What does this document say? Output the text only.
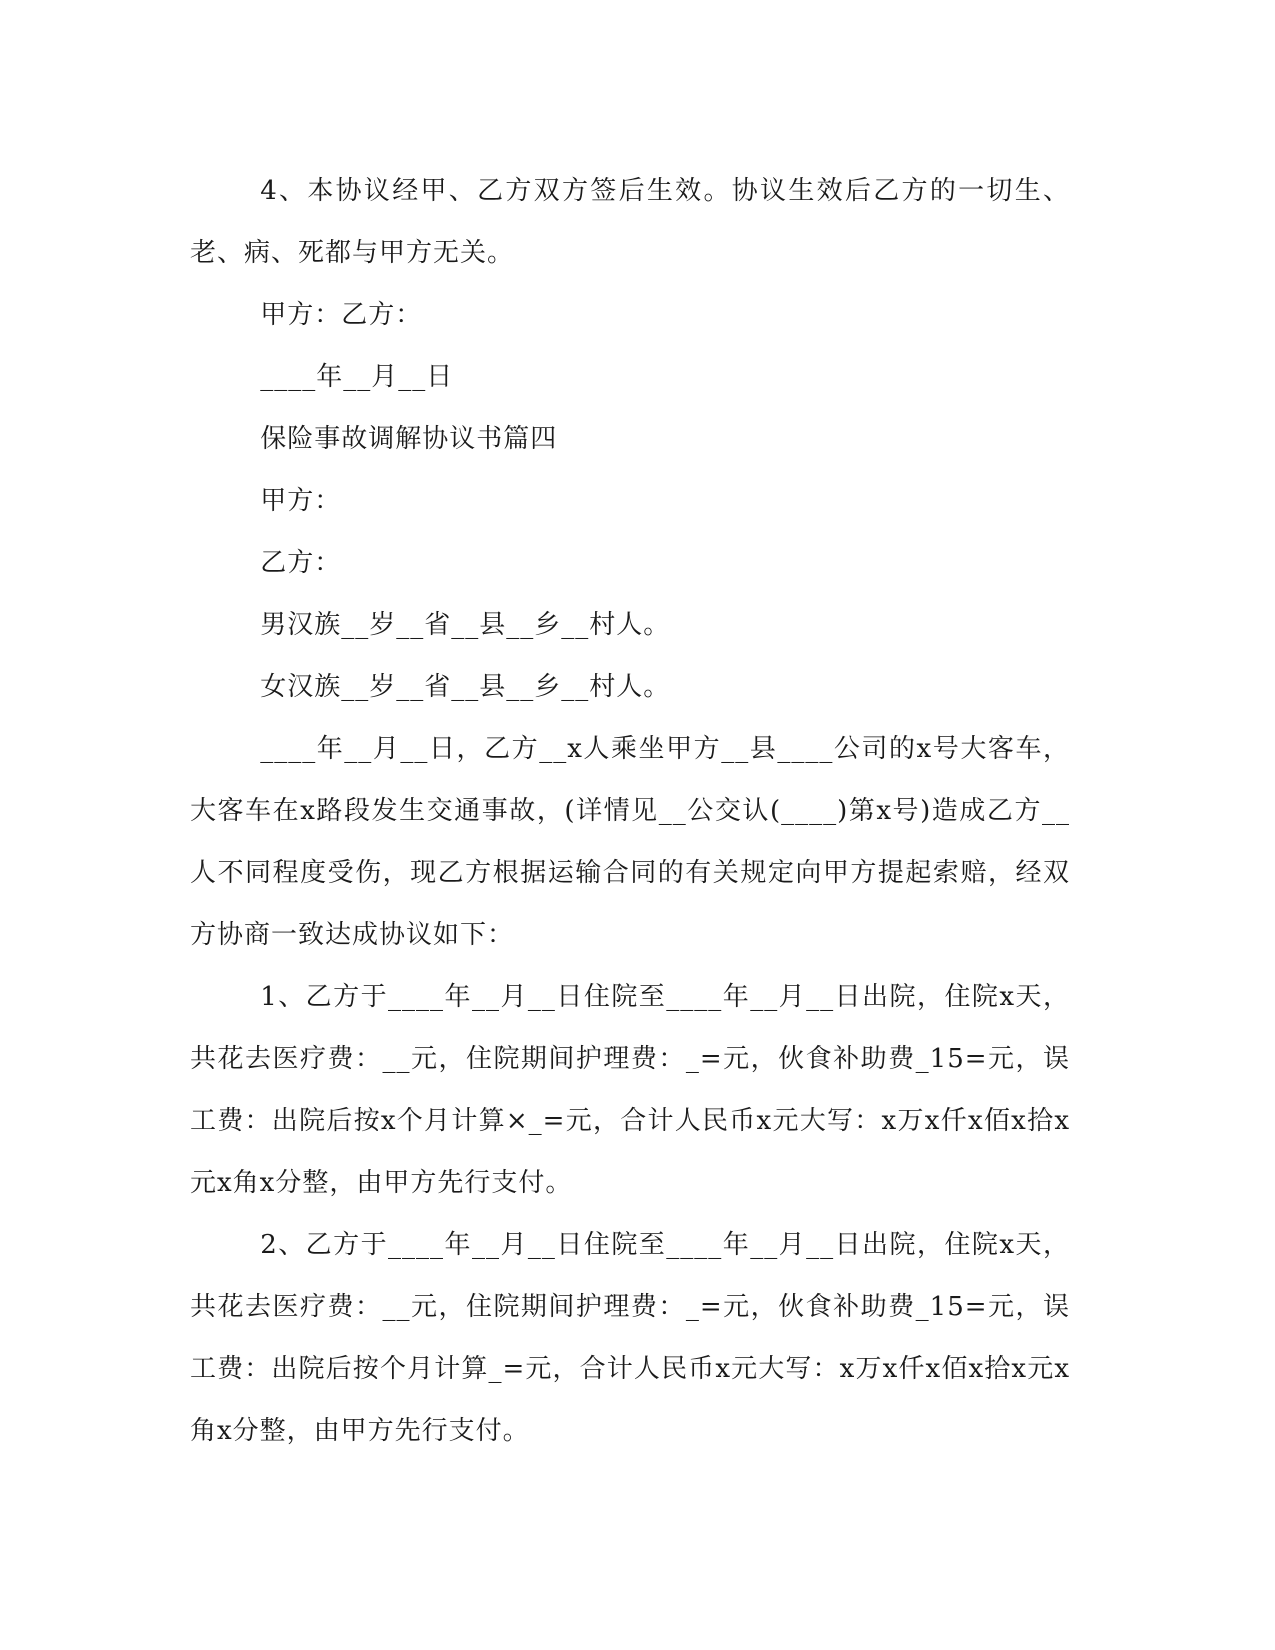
4、本协议经甲、乙方双方签后生效。协议生效后乙方的一切生、老、病、死都与甲方无关。

甲方：乙方：

____年__月__日

保险事故调解协议书篇四

甲方：

乙方：

男汉族__岁__省__县__乡__村人。

女汉族__岁__省__县__乡__村人。

____年__月__日，乙方__x人乘坐甲方__县____公司的x号大客车，大客车在x路段发生交通事故，(详情见__公交认(____)第x号)造成乙方__人不同程度受伤，现乙方根据运输合同的有关规定向甲方提起索赔，经双方协商一致达成协议如下：

1、乙方于____年__月__日住院至____年__月__日出院，住院x天，共花去医疗费：__元，住院期间护理费：_=元，伙食补助费_15=元，误工费：出院后按x个月计算×_=元，合计人民币x元大写：x万x仟x佰x拾x元x角x分整，由甲方先行支付。

2、乙方于____年__月__日住院至____年__月__日出院，住院x天，共花去医疗费：__元，住院期间护理费：_=元，伙食补助费_15=元，误工费：出院后按个月计算_=元，合计人民币x元大写：x万x仟x佰x拾x元x角x分整，由甲方先行支付。
